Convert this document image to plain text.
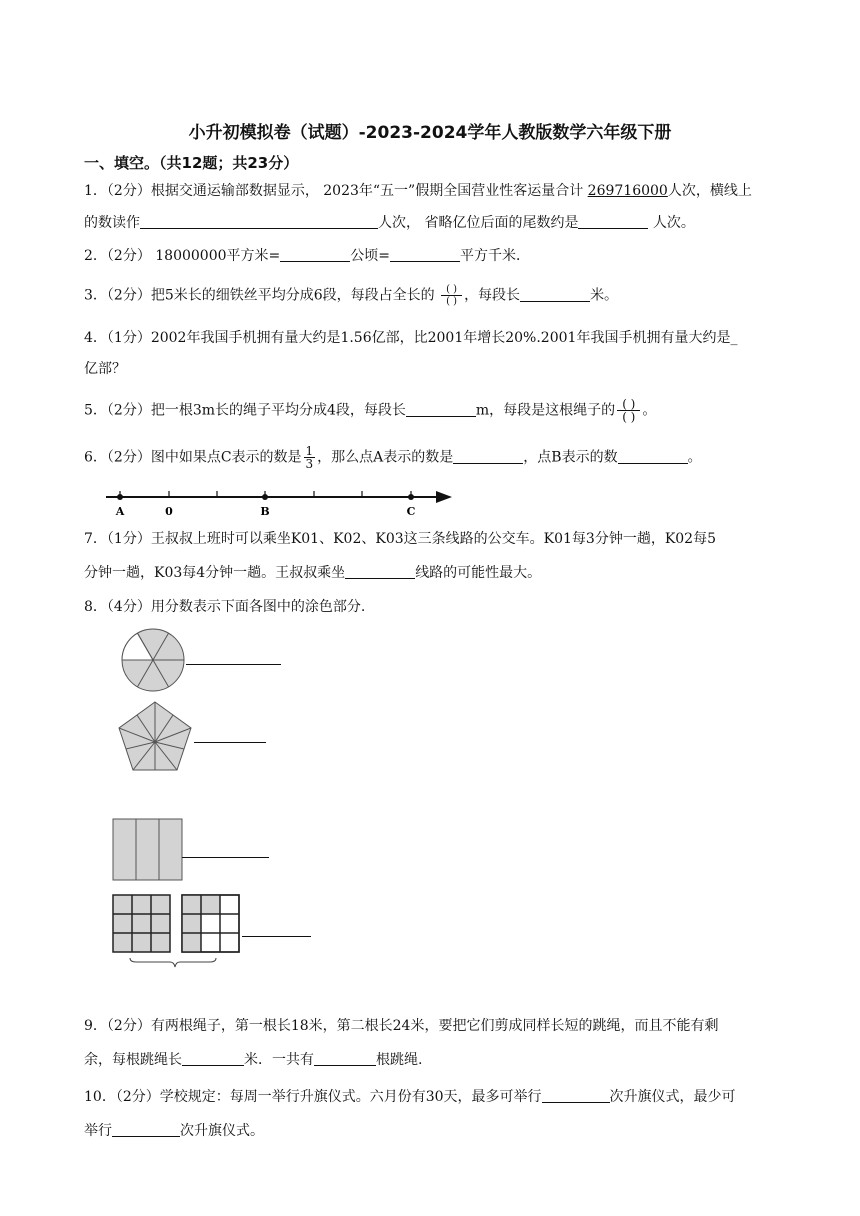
小升初模拟卷（试题）-2023-2024学年人教版数学六年级下册
一、填空。（共12题；共23分）
1．（2分）根据交通运输部数据显示， 2023年“五一”假期全国营业性客运量合计 269716000人次，横线上
的数读作	人次， 省略亿位后面的尾数约是	人次。
2．（2分） 18000000平方米=	公顷=	平方千米．
3．（2分）把5米长的细铁丝平均分成6段，每段占全长的 $\frac{( )}{( )}$ ，每段长	米。
4．（1分）2002年我国手机拥有量大约是1.56亿部，比2001年增长20%.2001年我国手机拥有量大约是_
亿部？
5．（2分）把一根3m长的绳子平均分成4段，每段长	m，每段是这根绳子的 $\frac{( )}{( )}$ 。
6．（2分）图中如果点C表示的数是 $\frac{1}{3}$ ，那么点A表示的数是	，点B表示的数	。
A	0	B	C
7．（1分）王叔叔上班时可以乘坐K01、K02、K03这三条线路的公交车。K01每3分钟一趟，K02每5
分钟一趟，K03每4分钟一趟。王叔叔乘坐	线路的可能性最大。
8．（4分）用分数表示下面各图中的涂色部分.
9．（2分）有两根绳子，第一根长18米，第二根长24米，要把它们剪成同样长短的跳绳，而且不能有剩
余，每根跳绳长	米．一共有	根跳绳.
10．（2分）学校规定：每周一举行升旗仪式。六月份有30天，最多可举行	次升旗仪式，最少可
举行	次升旗仪式。
